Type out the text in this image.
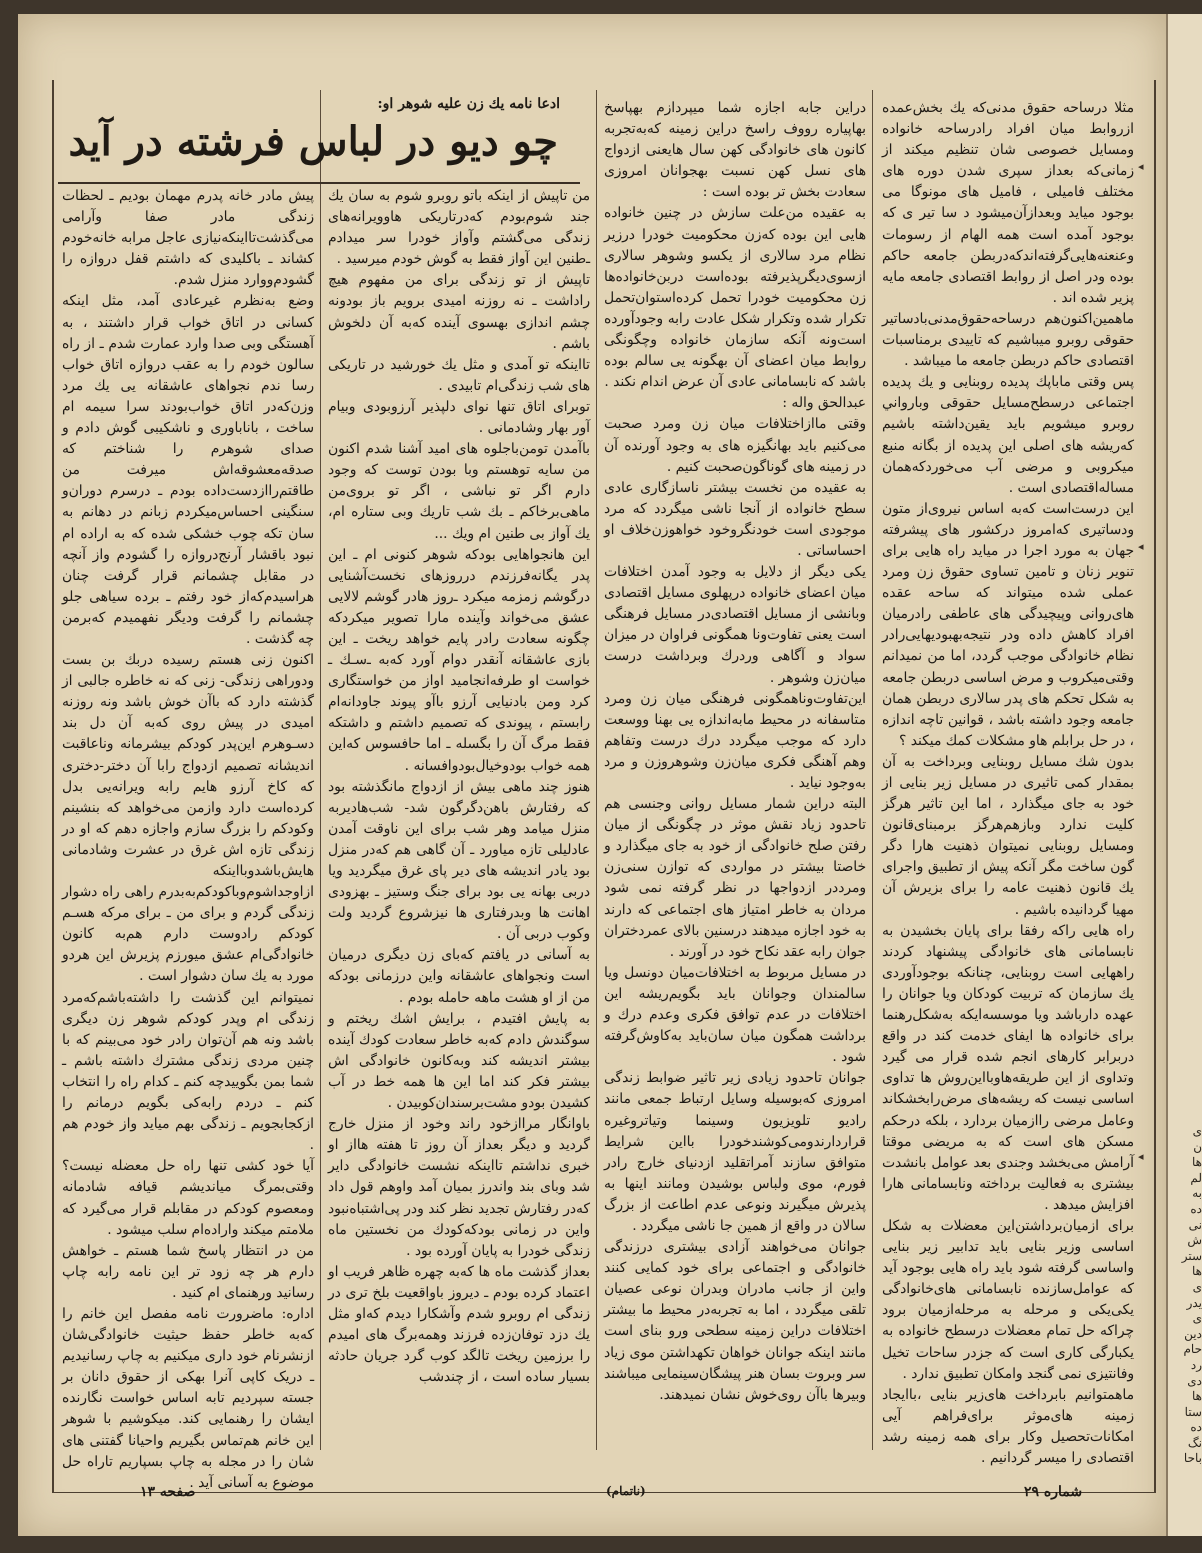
ی
ن
ها
لم
به
ده
نی
ش
ستر
ها
ی
یدر
ی
دین
حام
رد
دی
ها
ستا
ده
نگ
باحا
ادعا نامه يك زن عليه شوهر او:
چو ديو در لباس فرشته در آيد

مثلا درساحه حقوق مدنی‌که یك بخش‌عمده ازروابط میان افراد رادرساحه خانواده ومسایل خصوصی شان تنظیم میکند از زمانی‌که بعداز سپری شدن دوره های مختلف فامیلی ، فامیل های مونوگا می بوجود میاید وبعدازآن‌میشود د سا تیر ی که بوجود آمده است همه الهام از رسومات وعنعنه‌هایی‌گرفته‌اندکه‌دربطن جامعه حاکم بوده ودر اصل از روابط اقتصادی جامعه مایه پزیر شده اند .

ماهمین‌اکنون‌هم درساحه‌حقوق‌مدنی‌بادساتیر حقوقی روبرو میباشیم که تاییدی برمناسبات اقتصادی حاکم دربطن جامعه ما میباشد .

پس وقتی ماباپك پدیده روبنایی و یك پدیده اجتماعی درسطح‌مسایل حقوقی وبارواني روبرو میشویم باید یقین‌داشته باشیم که‌ریشه های اصلی این پدیده از بگانه منبع میکروبی و مرضی آب می‌خوردکه‌همان مساله‌اقتصادی است .

این درست‌است که‌به اساس نیروی‌از متون ودساتیری که‌امروز درکشور های پیشرفته جهان به مورد اجرا در میاید راه هایی برای تنویر زنان و تامین تساوی حقوق زن ومرد عملی شده میتواند که ساحه عقده های‌روانی وپیچیدگی های عاطفی رادرمیان افراد کاهش داده ودر نتیجه‌بهبودیهایی‌رادر نظام خانوادگی موجب گردد، اما من نمیدانم وقتی‌میکروب و مرض اساسی دربطن جامعه به شکل تحکم های پدر سالاری دربطن همان جامعه وجود داشته باشد ، قوانین تاچه اندازه ، در حل برابلم هاو مشکلات کمك میکند ؟

بدون شك مسایل روبنایی وبرداخت به آن بمقدار کمی تاثیری در مسایل زیر بنایی از خود به جای میگذارد ، اما این تاثیر هرگز کلیت ندارد وبازهم‌هرگز برمبنای‌قانون ومسایل روبنایی نمیتوان ذهنیت هارا دگر گون ساخت مگر آنکه پیش از تطبیق واجرای یك قانون ذهنیت عامه را برای بزیرش آن مهیا گردانیده باشیم .

راه هایی راکه رفقا برای پایان بخشیدن به نابسامانی های خانوادگی پیشنهاد کردند راههایی است روبنایی، چنانکه بوجودآوردی يك سازمان که تربیت کودکان ویا جوانان را عهده دارباشد ویا موسسه‌ایکه به‌شکل‌رهنما برای خانواده ها ایفای خدمت کند در واقع دربرابر کارهای انجم شده قرار می گیرد وتداوی از این طریقه‌هاوبااین‌روش ها تداوی اساسی نیست که ریشه‌های مرض‌رابخشکاند وعامل مرضی راازمیان بردارد ، بلکه درحکم مسکن های است که به مریضی موقتا آرامش می‌بخشد وجندی بعد عوامل بانشدت بیشتری به فعالیت برداخته ونابسامانی هارا افزایش میدهد .

برای ازمیان‌برداشتن‌این معضلات به شکل اساسی وزیر بنایی باید تدابیر زیر بنایی واساسی گرفته شود باید راه هایی بوجود آید که عوامل‌سازنده نابسامانی های‌خانوادگی یکی‌یکی و مرحله به مرحله‌ازمیان برود چراکه حل تمام معضلات درسطح خانواده به یکبارگی کاری است که جزدر ساحات تخیل وفانتیزی نمی گنجد وامکان تطبیق ندارد .

ماهمتوانیم بابرداخت های‌زیر بنایی ،باایجاد زمینه های‌موثر برای‌فراهم آیی امکانات‌تحصیل وکار برای همه زمینه رشد اقتصادی را میسر گردانیم .

دراین جابه اجازه شما میپردازم بهپاسخ بهاپیاره رووف راسخ دراین زمینه که‌به‌تجربه کانون های خانوادگی کهن سال هایعنی ازدواج های نسل کهن نسبت بهجوانان امروزی سعادت بخش تر بوده است :

به عقیده من‌علت سازش در چنین خانواده هایی این بوده که‌زن محکومیت خودرا درزیر نظام مرد سالاری از یکسو وشوهر سالاری ازسوی‌دیگرپذیرفته بوده‌است دربن‌خانواده‌ها زن محکومیت خودرا تحمل کرده‌استوان‌تحمل تکرار شده وتکرار شکل عادت رابه وجودآورده است‌ونه آنکه سازمان خانواده وچگونگی روابط میان اعضای آن بهگونه یی سالم بوده باشد که نابسامانی عادی آن عرض اندام نکند .

عبدالحق واله :

وقتی ماازاختلافات میان زن ومرد صحبت می‌کنیم باید بهانگیزه های به وجود آورنده آن در زمینه های گوناگون‌صحبت کنیم .

به عقیده من نخست بیشتر ناسازگاری عادی سطح خانواده از آنجا ناشی میگردد که مرد موجودی است خودنگروخود خواهوزن‌خلاف او احساساتی .

یکی دیگر از دلایل به وجود آمدن اختلافات میان اعضای خانواده درپهلوی مسایل اقتصادی وبانشی از مسایل اقتصادی‌در مسایل فرهنگی است یعنی تفاوت‌ونا همگونی فراوان در میزان سواد و آگاهی وردرك وبرداشت درست میان‌زن وشوهر .

این‌تفاوت‌وناهمگونی فرهنگی میان زن ومرد متاسفانه در محیط مابه‌اندازه یی بهنا ووسعت دارد که موجب میگردد درك درست وتفاهم وهم آهنگی فکری میان‌زن وشوهروزن و مرد به‌وجود نیاید .

البته دراین شمار مسایل روانی وجنسی هم تاحدود زیاد نقش موثر در چگونگی از میان رفتن صلح خانوادگی از خود به جای میگذارد و خاصتا بیشتر در مواردی که توازن سنی‌زن ومرددر ازدواجها در نظر گرفته نمی شود مردان به خاطر امتیاز های اجتماعی که دارند به خود اجازه میدهند درسنین بالای عمردختران جوان رابه عقد نکاح خود در آورند .

در مسایل مربوط به اختلافات‌میان دونسل ویا سالمندان وجوانان باید بگویم‌ریشه این اختلافات در عدم توافق فکری وعدم درك و برداشت همگون میان سان‌باید به‌کاوش‌گرفته شود .

جوانان تاحدود زیادی زیر تاثیر ضوابط زندگی امروزی که‌بوسیله وسایل ارتباط جمعی مانند رادیو تلویزیون وسینما وتیاتروغیره قراردارندومی‌کوشندخودرا بااین شرایط متوافق سازند آمراتقلید ازدنیای خارج رادر فورم، موی ولباس بوشیدن ومانند اینها به پذیرش میگیرند ونوعی عدم اطاعت از بزرگ سالان در واقع از همین جا ناشی میگردد .

جوانان می‌خواهند آزادی بیشتری درزندگی خانوادگی و اجتماعی برای خود کمایی کنند واین از جانب مادران وبدران نوعی عصیان تلقی میگردد ، اما به تجربه‌در محیط ما بیشتر اختلافات دراین زمینه سطحی ورو بنای است مانند اینکه جوانان خواهان تکهداشتن موی زیاد سر وبروت بسان هنر پیشگان‌سینمایی میباشند وبیرها باآن روی‌خوش نشان نمیدهند.

من تاپیش از اینکه باتو روبرو شوم به سان یك جند شوم‌بودم که‌درتاریکی هاوویرانه‌های زندگی می‌گشتم وآواز خودرا سر میدادم ـ‌طنین این آواز فقط به گوش خودم میرسید .

تاپیش از تو زندگی برای من مفهوم هیچ راداشت ـ نه روزنه امیدی برویم باز بودونه چشم اندازی بهسوی آینده که‌به آن دلخوش باشم .

تااینکه تو آمدی و مثل یك خورشید در تاریکی های شب زندگی‌ام تابیدی .

توبرای اتاق تنها نوای دلپذیر آرزوبودی وبیام آور بهار وشادمانی .

باآمدن تومن‌باجلوه های امید آشنا شدم اکنون من سایه توهستم وبا بودن توست که وجود دارم اگر تو نباشی ، اگر تو بروی‌من ماهی‌برخاکم ـ بك شب تاريك وبی ستاره ام، یك آواز بی طنین ام ویك ...

این هانجواهایی بودکه شوهر کنونی ام ـ این پدر یگانه‌فرزندم درروزهای نخست‌آشنایی درگوشم زمزمه میکرد ـ‌روز هادر گوشم لالایی عشق می‌خواند وآینده مارا تصویر میکردکه چگونه سعادت رادر پایم خواهد ریخت ـ این بازی عاشقانه آنقدر دوام آورد که‌به‌ ـ‌سـك ـ خواست او طرفه‌انجامید اواز من خواستگاری کرد ومن بادنیایی آرزو باآو پیوند جاودانه‌ام رابستم ، پیوندی که تصمیم داشتم و داشتکه فقط مرگ آن را بگسله ـ اما حافسوس که‌این همه خواب بودوخیال‌بودوافسانه .

هنوز چند ماهی بیش از ازدواج مانگذشته بود که رفتارش باهن‌دگرگون شد- شب‌هادیربه منزل میامد وهر شب برای این ناوقت آمدن عادلیلی تازه میاورد ـ آن گاهی هم که‌در منزل بود يادر اندیشه های دیر پای غرق میگردید ویا دربی بهانه یی بود برای جنگ وستیز ـ بهزودی اهانت ها وبدرفتاری ها نیزشروع گردید ولت وکوب دربی آن .

به آسانی در یافتم که‌بای زن دیگری درمیان است ونجواهای عاشقانه واین درزمانی بودکه من از او هشت ماهه حامله بودم .

به پایش افتیدم ، برایش اشك ریختم و سوگندش دادم که‌به خاطر سعادت کودك آینده بیشتر اندیشه کند وبه‌کانون خانوادگی اش بیشتر فکر کند اما این ها همه خط در آب کشیدن بودو مشت‌برسندان‌کوبیدن .

باوانگار مراازخود راند وخود از منزل خارج گردید و دیگر بعداز آن روز تا هفته هااز او خبری نداشتم تااینکه نشست خانوادگی دایر شد وبای بند واندرز بمیان آمد واوهم قول داد که‌در رفتارش تجدید نظر کند ودر پی‌اشتباه‌نبود واین در زمانی بودکه‌کودك من نخستین ماه زندگی خودرا به پایان آورده بود .

بعداز گذشت ماه ها که‌به چهره ظاهر فریب او اعتماد کرده بودم ـ دیروز باواقعیت بلخ تری در زندگی ام روبرو شدم وآشکارا دیدم که‌او مثل يك دزد توفان‌زده فرزند وهمه‌برگ های امیدم را برزمین ریخت تالگد کوب گرد جریان حادثه بسیار ساده است ، از چندشب

پیش مادر خانه پدرم مهمان بودیم ـ لحظات زندگی مادر صفا وآرامی می‌گذشت‌تااینکه‌نیازی عاجل مرابه خانه‌خودم کشاند ـ باکلیدی که داشتم قفل دروازه را گشودم‌ووارد منزل شدم.

وضع به‌نظرم غیرعادی آمد، مثل اینکه کسانی در اتاق خواب قرار داشتند ، به آهستگی وبی صدا وارد عمارت شدم ـ از راه سالون خودم را به عقب دروازه اتاق خواب رسا ندم نجواهای عاشقانه یی یك مرد وزن‌که‌در اتاق خواب‌بودند سرا سیمه ام ساخت ، باناباوری و ناشکیبی گوش دادم و صدای شوهرم را شناختم که صدقه‌معشوقه‌اش میرفت من طاقتم‌راازدست‌داده بودم ـ درسرم دوران‌و سنگینی احساس‌میکردم زبانم در دهانم به سان تکه چوب خشکی شده که به اراده ام نبود باقشار آرنج‌دروازه را گشودم واز آنچه در مقابل چشمانم قرار گرفت چنان هراسیدم‌که‌از خود رفتم ـ برده سیاهی جلو چشمانم را گرفت ودیگر نفهمیدم که‌برمن چه گذشت .

اکنون زنی هستم رسیده دربك بن بست ودوراهی زندگی- زنی که نه خاطره جالبی از گذشته دارد که باآن خوش باشد ونه روزنه امیدی در پیش روی که‌به آن دل بند دسـوهرم این‌پدر کودکم بیشرمانه وناعاقبت اندیشانه تصمیم ازدواج رابا آن دختر-دختری که کاخ آرزو هایم رابه ویرانه‌یی بدل کرده‌است دارد واز‌من می‌خواهد که بنشینم وکودکم را بزرگ سازم واجازه دهم که او در زندگی تازه اش غرق در عشرت وشادمانی هایش‌باشدو‌بااینکه ازاوجداشوم‌وباکودکم‌به‌بدرم راهی راه دشوار زندگی گردم و برای من ـ برای مرکه هسـم کودکم رادوست دارم هم‌به کانون خانوادگی‌ام عشق میورزم پزیرش این هردو مورد به یك سان دشوار است .

نمیتوانم این گذشت را داشته‌باشم‌که‌مرد زندگی ام وپدر کودکم شوهر زن دیگری باشد ونه هم آن‌توان رادر خود می‌بینم که با چنین مردی زندگی مشترك داشته باشم ـ شما بمن بگوییدچه کنم ـ کدام راه را انتخاب کنم ـ دردم رابه‌کی بگویم درمانم را ازکجابجویم ـ زندگی بهم میاید واز خودم هم .

آیا خود کشی تنها راه حل معضله نیست؟ وقتی‌بمرگ میاندیشم قیافه شادمانه ومعصوم کودکم در مقابلم قرار می‌گیرد که ملامتم میکند واراده‌ام سلب میشود .

من در انتظار پاسخ شما هستم ـ خواهش دارم هر چه زود تر این نامه رابه چاپ رسانید ورهنمای ام کنید .

اداره: ماضرورت نامه مفصل این خانم را که‌به خاطر حفظ حیثیت خانوادگی‌شان ازنشرنام خود داری میکنیم به چاپ رسانیدیم ـ دریک کاپی آنرا بهکی از حقوق دانان بر جسته سپردیم تابه اساس خواست نگارنده ایشان را رهنمایی کند. میکوشیم با شوهر این خانم هم‌تماس بگیریم واحیانا گفتنی های شان را در مجله به چاپ بسپاریم تاراه حل موضوع به آسانی آید .

◂
◂
◂
صفحه ۱۳	(ناتمام)	شماره ۲۹
